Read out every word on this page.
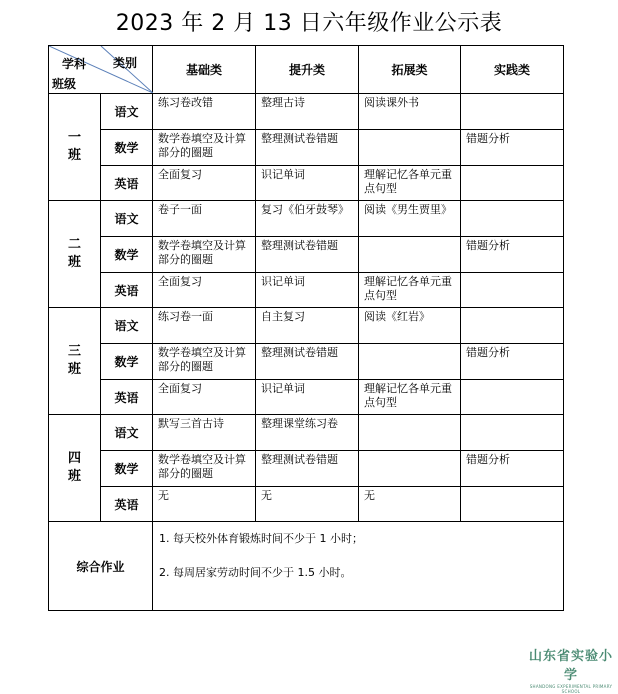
2023 年 2 月 13 日六年级作业公示表
类别
学科
班级		基础类	提升类	拓展类	实践类

一
班	语文	练习卷改错	整理古诗	阅读课外书	
	数学	数学卷填空及计算部分的圈题	整理测试卷错题		错题分析
	英语	全面复习	识记单词	理解记忆各单元重点句型	

二
班	语文	卷子一面	复习《伯牙鼓琴》	阅读《男生贾里》	
	数学	数学卷填空及计算部分的圈题	整理测试卷错题		错题分析
	英语	全面复习	识记单词	理解记忆各单元重点句型	

三
班	语文	练习卷一面	自主复习	阅读《红岩》	
	数学	数学卷填空及计算部分的圈题	整理测试卷错题		错题分析
	英语	全面复习	识记单词	理解记忆各单元重点句型	

四
班	语文	默写三首古诗	整理课堂练习卷		
	数学	数学卷填空及计算部分的圈题	整理测试卷错题		错题分析
	英语	无	无	无	
综合作业		1. 每天校外体育锻炼时间不少于 1 小时；

2. 每周居家劳动时间不少于 1.5 小时。			

山东省实验小学
SHANDONG EXPERIMENTAL PRIMARY SCHOOL
